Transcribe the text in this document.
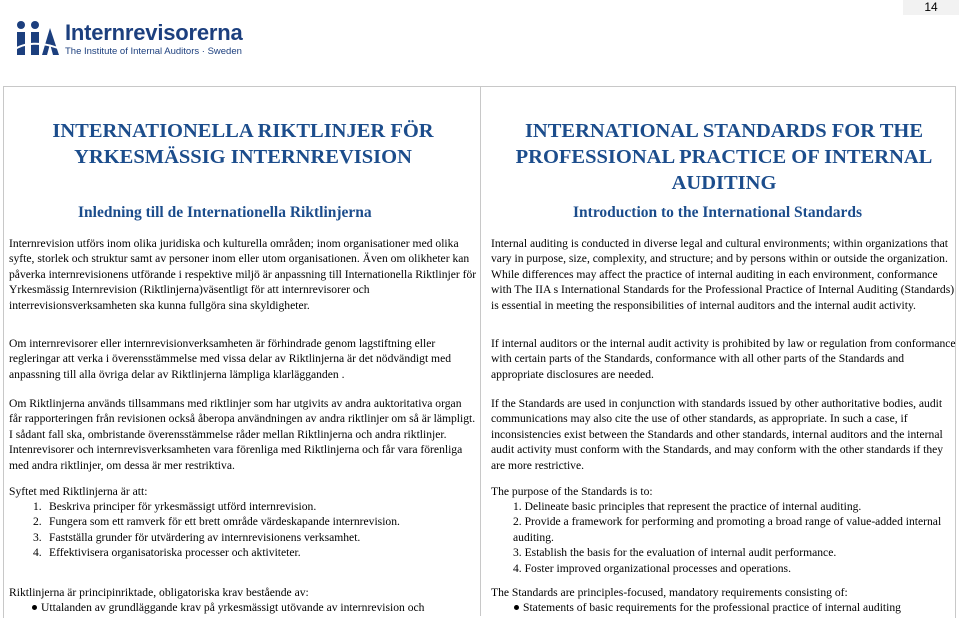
14
Internrevisorerna
The Institute of Internal Auditors · Sweden
INTERNATIONELLA RIKTLINJER FÖR YRKESMÄSSIG INTERNREVISION
Inledning till de Internationella Riktlinjerna

Internrevision utförs inom olika juridiska och kulturella områden; inom organisationer med olika syfte, storlek och struktur samt av personer inom eller utom organisationen. Även om olikheter kan påverka internrevisionens utförande i respektive miljö är anpassning till Internationella Riktlinjer för Yrkesmässig Internrevision (Riktlinjerna)väsentligt för att internrevisorer och interrevisionsverksamheten ska kunna fullgöra sina skyldigheter.

Om internrevisorer eller internrevisionverksamheten är förhindrade genom lagstiftning eller regleringar att verka i överensstämmelse med vissa delar av Riktlinjerna är det nödvändigt med anpassning till alla övriga delar av Riktlinjerna lämpliga klarlägganden .

Om Riktlinjerna används tillsammans med riktlinjer som har utgivits av andra auktoritativa organ får rapporteringen från revisionen också åberopa användningen av andra riktlinjer om så är lämpligt. I sådant fall ska, ombristande överensstämmelse råder mellan Riktlinjerna och andra riktlinjer. Intenrevisorer och internrevisverksamheten vara förenliga med Riktlinjerna och får vara förenliga med andra riktlinjer, om dessa är mer restriktiva.

Syftet med Riktlinjerna är att:

1. Beskriva principer för yrkesmässigt utförd internrevision.
2. Fungera som ett ramverk för ett brett område värdeskapande internrevision.
3. Fastställa grunder för utvärdering av internrevisionens verksamhet.
4. Effektivisera organisatoriska processer och aktiviteter.

Riktlinjerna är principinriktade, obligatoriska krav bestående av:

Uttalanden av grundläggande krav på yrkesmässigt utövande av internrevision och
INTERNATIONAL STANDARDS FOR THE PROFESSIONAL PRACTICE OF INTERNAL AUDITING
Introduction to the International Standards

Internal auditing is conducted in diverse legal and cultural environments; within organizations that vary in purpose, size, complexity, and structure; and by persons within or outside the organization. While differences may affect the practice of internal auditing in each environment, conformance with The IIA s International Standards for the Professional Practice of Internal Auditing (Standards) is essential in meeting the responsibilities of internal auditors and the internal audit activity.

If internal auditors or the internal audit activity is prohibited by law or regulation from conformance with certain parts of the Standards, conformance with all other parts of the Standards and appropriate disclosures are needed.

If the Standards are used in conjunction with standards issued by other authoritative bodies, audit communications may also cite the use of other standards, as appropriate. In such a case, if inconsistencies exist between the Standards and other standards, internal auditors and the internal audit activity must conform with the Standards, and may conform with the other standards if they are more restrictive.

The purpose of the Standards is to:

1. Delineate basic principles that represent the practice of internal auditing.
2. Provide a framework for performing and promoting a broad range of value-added internal auditing.
3. Establish the basis for the evaluation of internal audit performance.
4. Foster improved organizational processes and operations.

The Standards are principles-focused, mandatory requirements consisting of:

Statements of basic requirements for the professional practice of internal auditing
